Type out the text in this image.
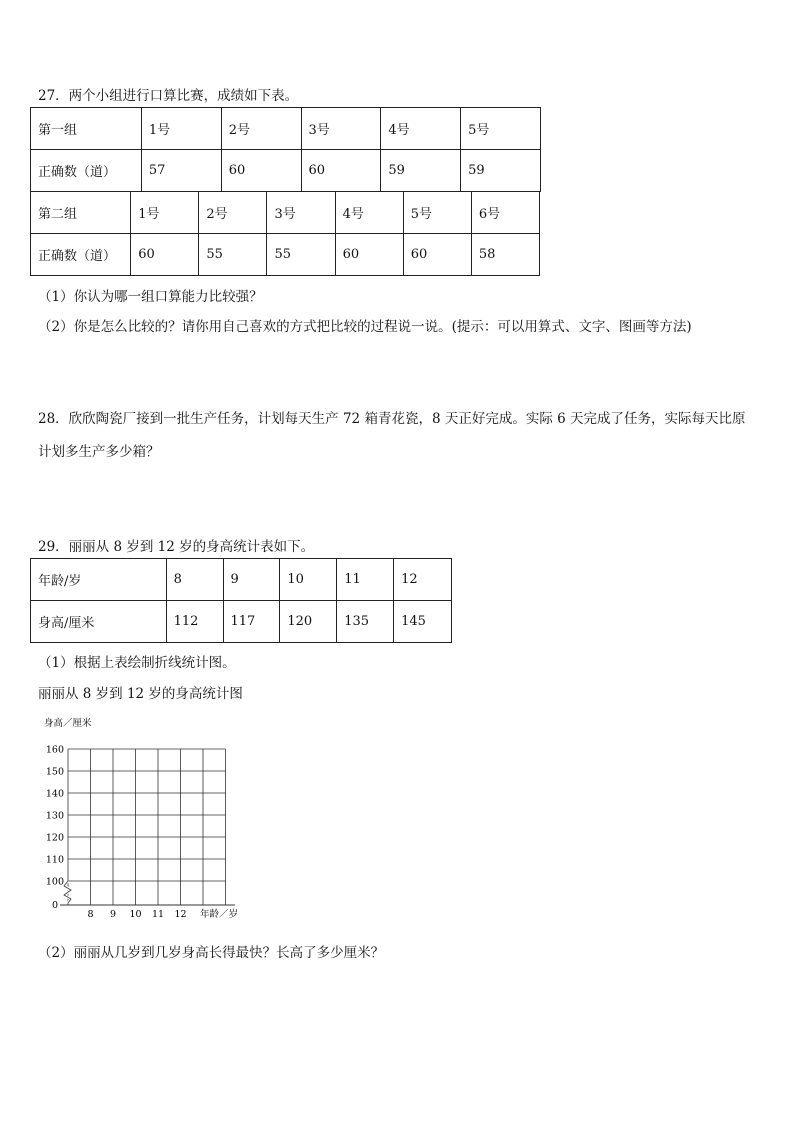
27．两个小组进行口算比赛，成绩如下表。
第一组	1号	2号	3号	4号	5号
正确数（道）	57	60	60	59	59
第二组	1号	2号	3号	4号	5号	6号
正确数（道）	60	55	55	60	60	58
（1）你认为哪一组口算能力比较强？
（2）你是怎么比较的？请你用自己喜欢的方式把比较的过程说一说。(提示：可以用算式、文字、图画等方法)
28．欣欣陶瓷厂接到一批生产任务，计划每天生产 72 箱青花瓷，8 天正好完成。实际 6 天完成了任务，实际每天比原
计划多生产多少箱？
29．丽丽从 8 岁到 12 岁的身高统计表如下。
年龄/岁	8	9	10	11	12
身高/厘米	112	117	120	135	145
（1）根据上表绘制折线统计图。
丽丽从 8 岁到 12 岁的身高统计图
身高／厘米
160
150
140
130
120
110
100
0
8 9 10 11 12 年龄／岁
（2）丽丽从几岁到几岁身高长得最快？长高了多少厘米？
